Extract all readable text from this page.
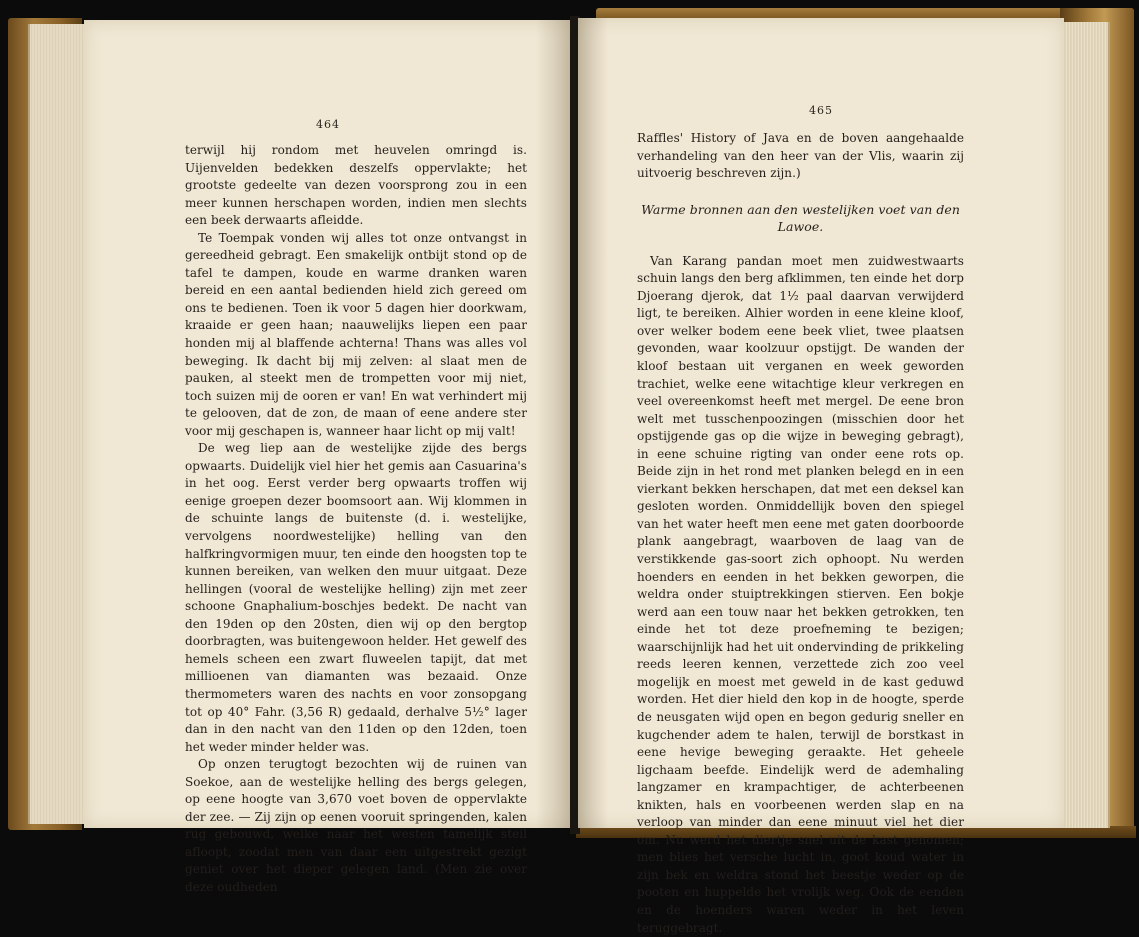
464

terwijl hij rondom met heuvelen omringd is. Uijenvelden bedekken deszelfs oppervlakte; het grootste gedeelte van dezen voorsprong zou in een meer kunnen herschapen worden, indien men slechts een beek derwaarts afleidde.

Te Toempak vonden wij alles tot onze ontvangst in gereedheid gebragt. Een smakelijk ontbijt stond op de tafel te dampen, koude en warme dranken waren bereid en een aantal bedienden hield zich gereed om ons te bedienen. Toen ik voor 5 dagen hier doorkwam, kraaide er geen haan; naauwelijks liepen een paar honden mij al blaffende achterna! Thans was alles vol beweging. Ik dacht bij mij zelven: al slaat men de pauken, al steekt men de trompetten voor mij niet, toch suizen mij de ooren er van! En wat verhindert mij te gelooven, dat de zon, de maan of eene andere ster voor mij geschapen is, wanneer haar licht op mij valt!

De weg liep aan de westelijke zijde des bergs opwaarts. Duidelijk viel hier het gemis aan Casuarina's in het oog. Eerst verder berg opwaarts troffen wij eenige groepen dezer boomsoort aan. Wij klommen in de schuinte langs de buitenste (d. i. westelijke, vervolgens noordwestelijke) helling van den halfkringvormigen muur, ten einde den hoogsten top te kunnen bereiken, van welken den muur uitgaat. Deze hellingen (vooral de westelijke helling) zijn met zeer schoone Gnaphalium-boschjes bedekt. De nacht van den 19den op den 20sten, dien wij op den bergtop doorbragten, was buitengewoon helder. Het gewelf des hemels scheen een zwart fluweelen tapijt, dat met millioenen van diamanten was bezaaid. Onze thermometers waren des nachts en voor zonsopgang tot op 40° Fahr. (3,56 R) gedaald, derhalve 5½° lager dan in den nacht van den 11den op den 12den, toen het weder minder helder was.

Op onzen terugtogt bezochten wij de ruinen van Soekoe, aan de westelijke helling des bergs gelegen, op eene hoogte van 3,670 voet boven de oppervlakte der zee. — Zij zijn op eenen vooruit springenden, kalen rug gebouwd, welke naar het westen tamelijk steil afloopt, zoodat men van daar een uitgestrekt gezigt geniet over het dieper gelegen land. (Men zie over deze oudheden

465

Raffles' History of Java en de boven aangehaalde verhandeling van den heer van der Vlis, waarin zij uitvoerig beschreven zijn.)

Warme bronnen aan den westelijken voet van den Lawoe.

Van Karang pandan moet men zuidwestwaarts schuin langs den berg afklimmen, ten einde het dorp Djoerang djerok, dat 1½ paal daarvan verwijderd ligt, te bereiken. Alhier worden in eene kleine kloof, over welker bodem eene beek vliet, twee plaatsen gevonden, waar koolzuur opstijgt. De wanden der kloof bestaan uit verganen en week geworden trachiet, welke eene witachtige kleur verkregen en veel overeenkomst heeft met mergel. De eene bron welt met tusschenpoozingen (misschien door het opstijgende gas op die wijze in beweging gebragt), in eene schuine rigting van onder eene rots op. Beide zijn in het rond met planken belegd en in een vierkant bekken herschapen, dat met een deksel kan gesloten worden. Onmiddellijk boven den spiegel van het water heeft men eene met gaten doorboorde plank aangebragt, waarboven de laag van de verstikkende gas-soort zich ophoopt. Nu werden hoenders en eenden in het bekken geworpen, die weldra onder stuiptrekkingen stierven. Een bokje werd aan een touw naar het bekken getrokken, ten einde het tot deze proefneming te bezigen; waarschijnlijk had het uit ondervinding de prikkeling reeds leeren kennen, verzettede zich zoo veel mogelijk en moest met geweld in de kast geduwd worden. Het dier hield den kop in de hoogte, sperde de neusgaten wijd open en begon gedurig sneller en kugchender adem te halen, terwijl de borstkast in eene hevige beweging geraakte. Het geheele ligchaam beefde. Eindelijk werd de ademhaling langzamer en krampachtiger, de achterbeenen knikten, hals en voorbeenen werden slap en na verloop van minder dan eene minuut viel het dier om. Nu werd het diertje snel uit de kast genomen; men blies het versche lucht in, goot koud water in zijn bek en weldra stond het beestje weder op de pooten en huppelde het vrolijk weg. Ook de eenden en de hoenders waren weder in het leven teruggebragt.
